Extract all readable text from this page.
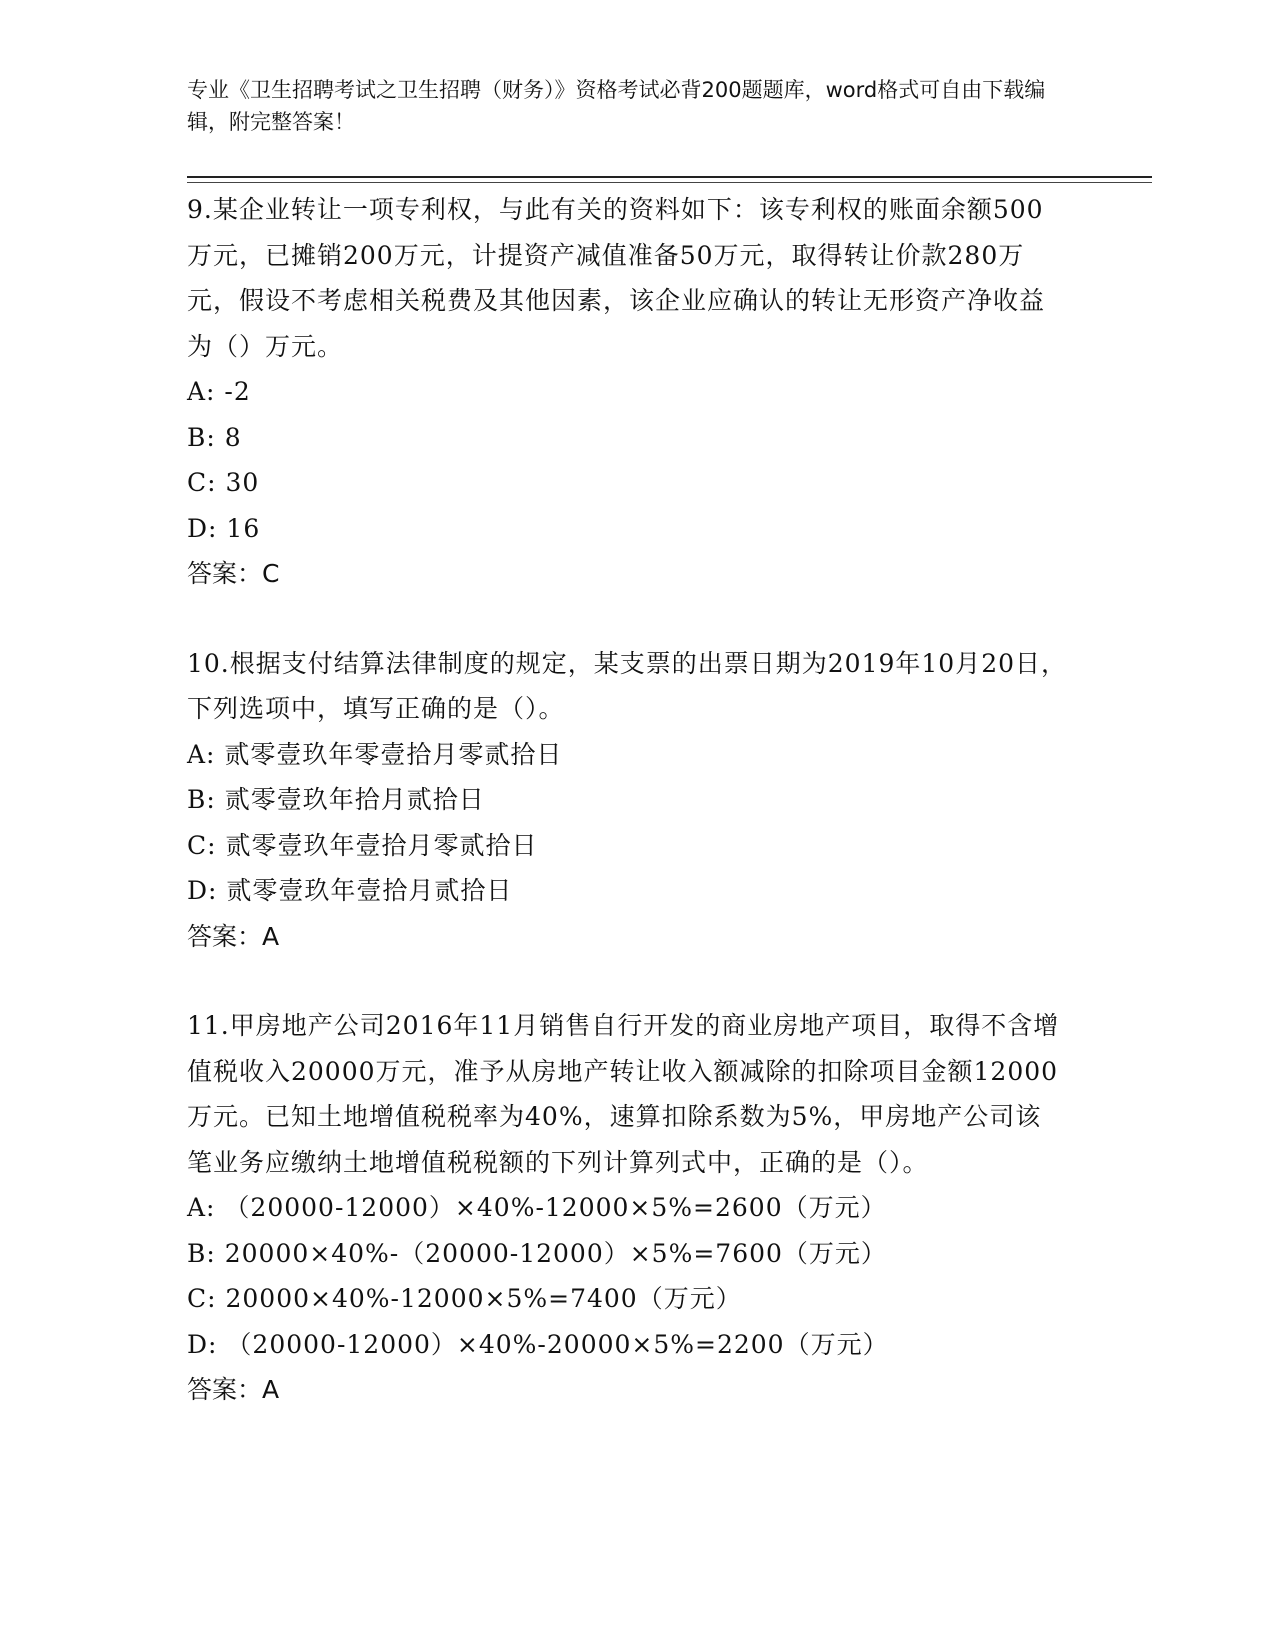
专业《卫生招聘考试之卫生招聘（财务）》资格考试必背200题题库，word格式可自由下载编辑，附完整答案！
9.某企业转让一项专利权，与此有关的资料如下：该专利权的账面余额500万元，已摊销200万元，计提资产减值准备50万元，取得转让价款280万元，假设不考虑相关税费及其他因素，该企业应确认的转让无形资产净收益为（）万元。
A: -2
B: 8
C: 30
D: 16
答案：C
10.根据支付结算法律制度的规定，某支票的出票日期为2019年10月20日，下列选项中，填写正确的是（）。
A: 贰零壹玖年零壹拾月零贰拾日
B: 贰零壹玖年拾月贰拾日
C: 贰零壹玖年壹拾月零贰拾日
D: 贰零壹玖年壹拾月贰拾日
答案：A
11.甲房地产公司2016年11月销售自行开发的商业房地产项目，取得不含增值税收入20000万元，准予从房地产转让收入额减除的扣除项目金额12000万元。已知土地增值税税率为40%，速算扣除系数为5%，甲房地产公司该笔业务应缴纳土地增值税税额的下列计算列式中，正确的是（）。
A: （20000-12000）×40%-12000×5%=2600（万元）
B: 20000×40%-（20000-12000）×5%=7600（万元）
C: 20000×40%-12000×5%=7400（万元）
D: （20000-12000）×40%-20000×5%=2200（万元）
答案：A
